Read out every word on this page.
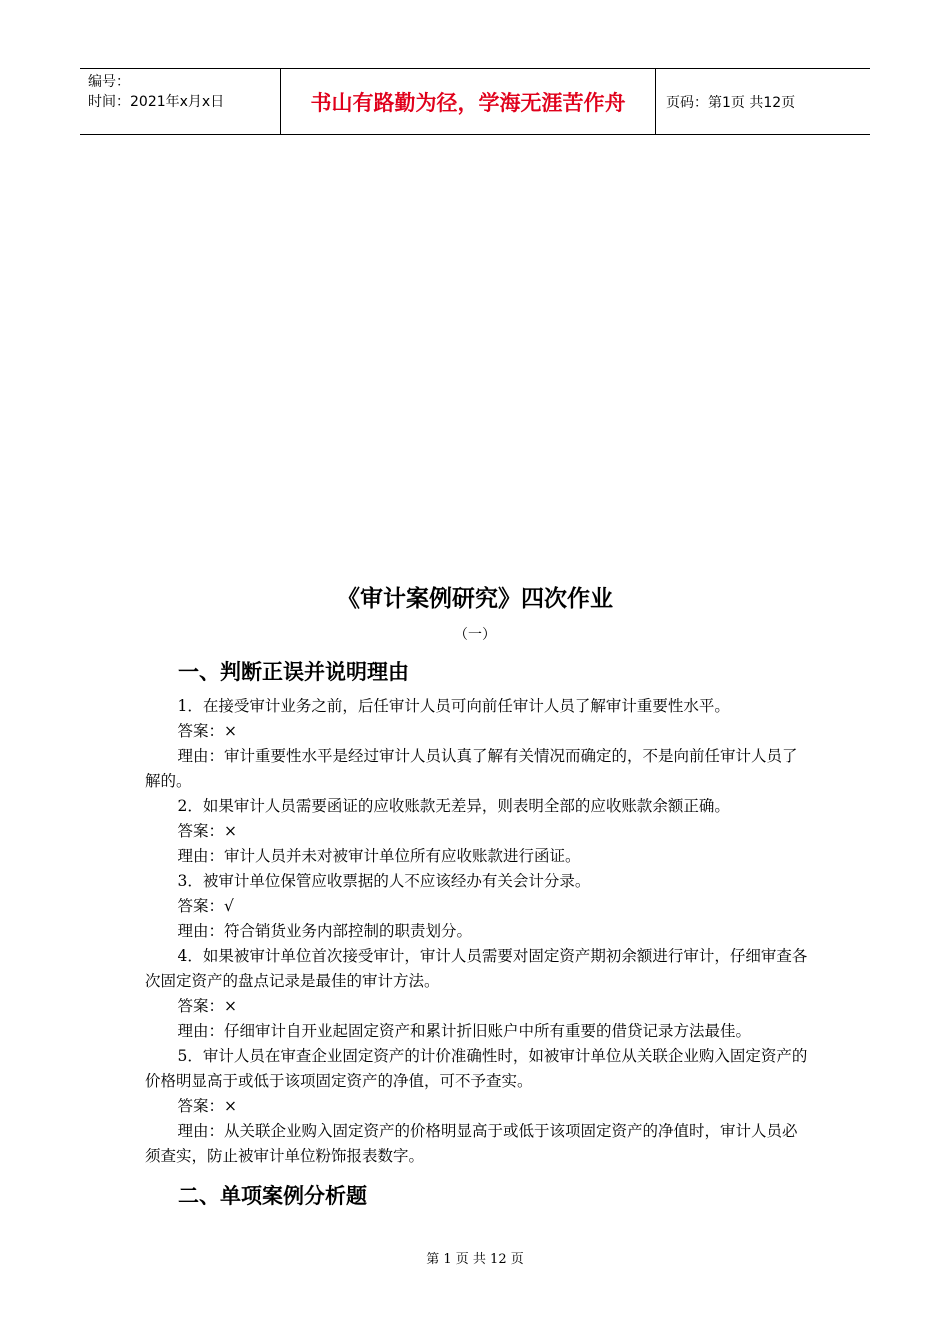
编号：
时间：2021年x月x日	书山有路勤为径，学海无涯苦作舟	页码：第1页 共12页
《审计案例研究》四次作业
（一）
一、判断正误并说明理由

1．在接受审计业务之前，后任审计人员可向前任审计人员了解审计重要性水平。

答案：×

理由：审计重要性水平是经过审计人员认真了解有关情况而确定的，不是向前任审计人员了解的。

2．如果审计人员需要函证的应收账款无差异，则表明全部的应收账款余额正确。

答案：×

理由：审计人员并未对被审计单位所有应收账款进行函证。

3．被审计单位保管应收票据的人不应该经办有关会计分录。

答案：√

理由：符合销货业务内部控制的职责划分。

4．如果被审计单位首次接受审计，审计人员需要对固定资产期初余额进行审计，仔细审查各次固定资产的盘点记录是最佳的审计方法。

答案：×

理由：仔细审计自开业起固定资产和累计折旧账户中所有重要的借贷记录方法最佳。

5．审计人员在审查企业固定资产的计价准确性时，如被审计单位从关联企业购入固定资产的价格明显高于或低于该项固定资产的净值，可不予查实。

答案：×

理由：从关联企业购入固定资产的价格明显高于或低于该项固定资产的净值时，审计人员必须查实，防止被审计单位粉饰报表数字。

二、单项案例分析题
第 1 页 共 12 页
